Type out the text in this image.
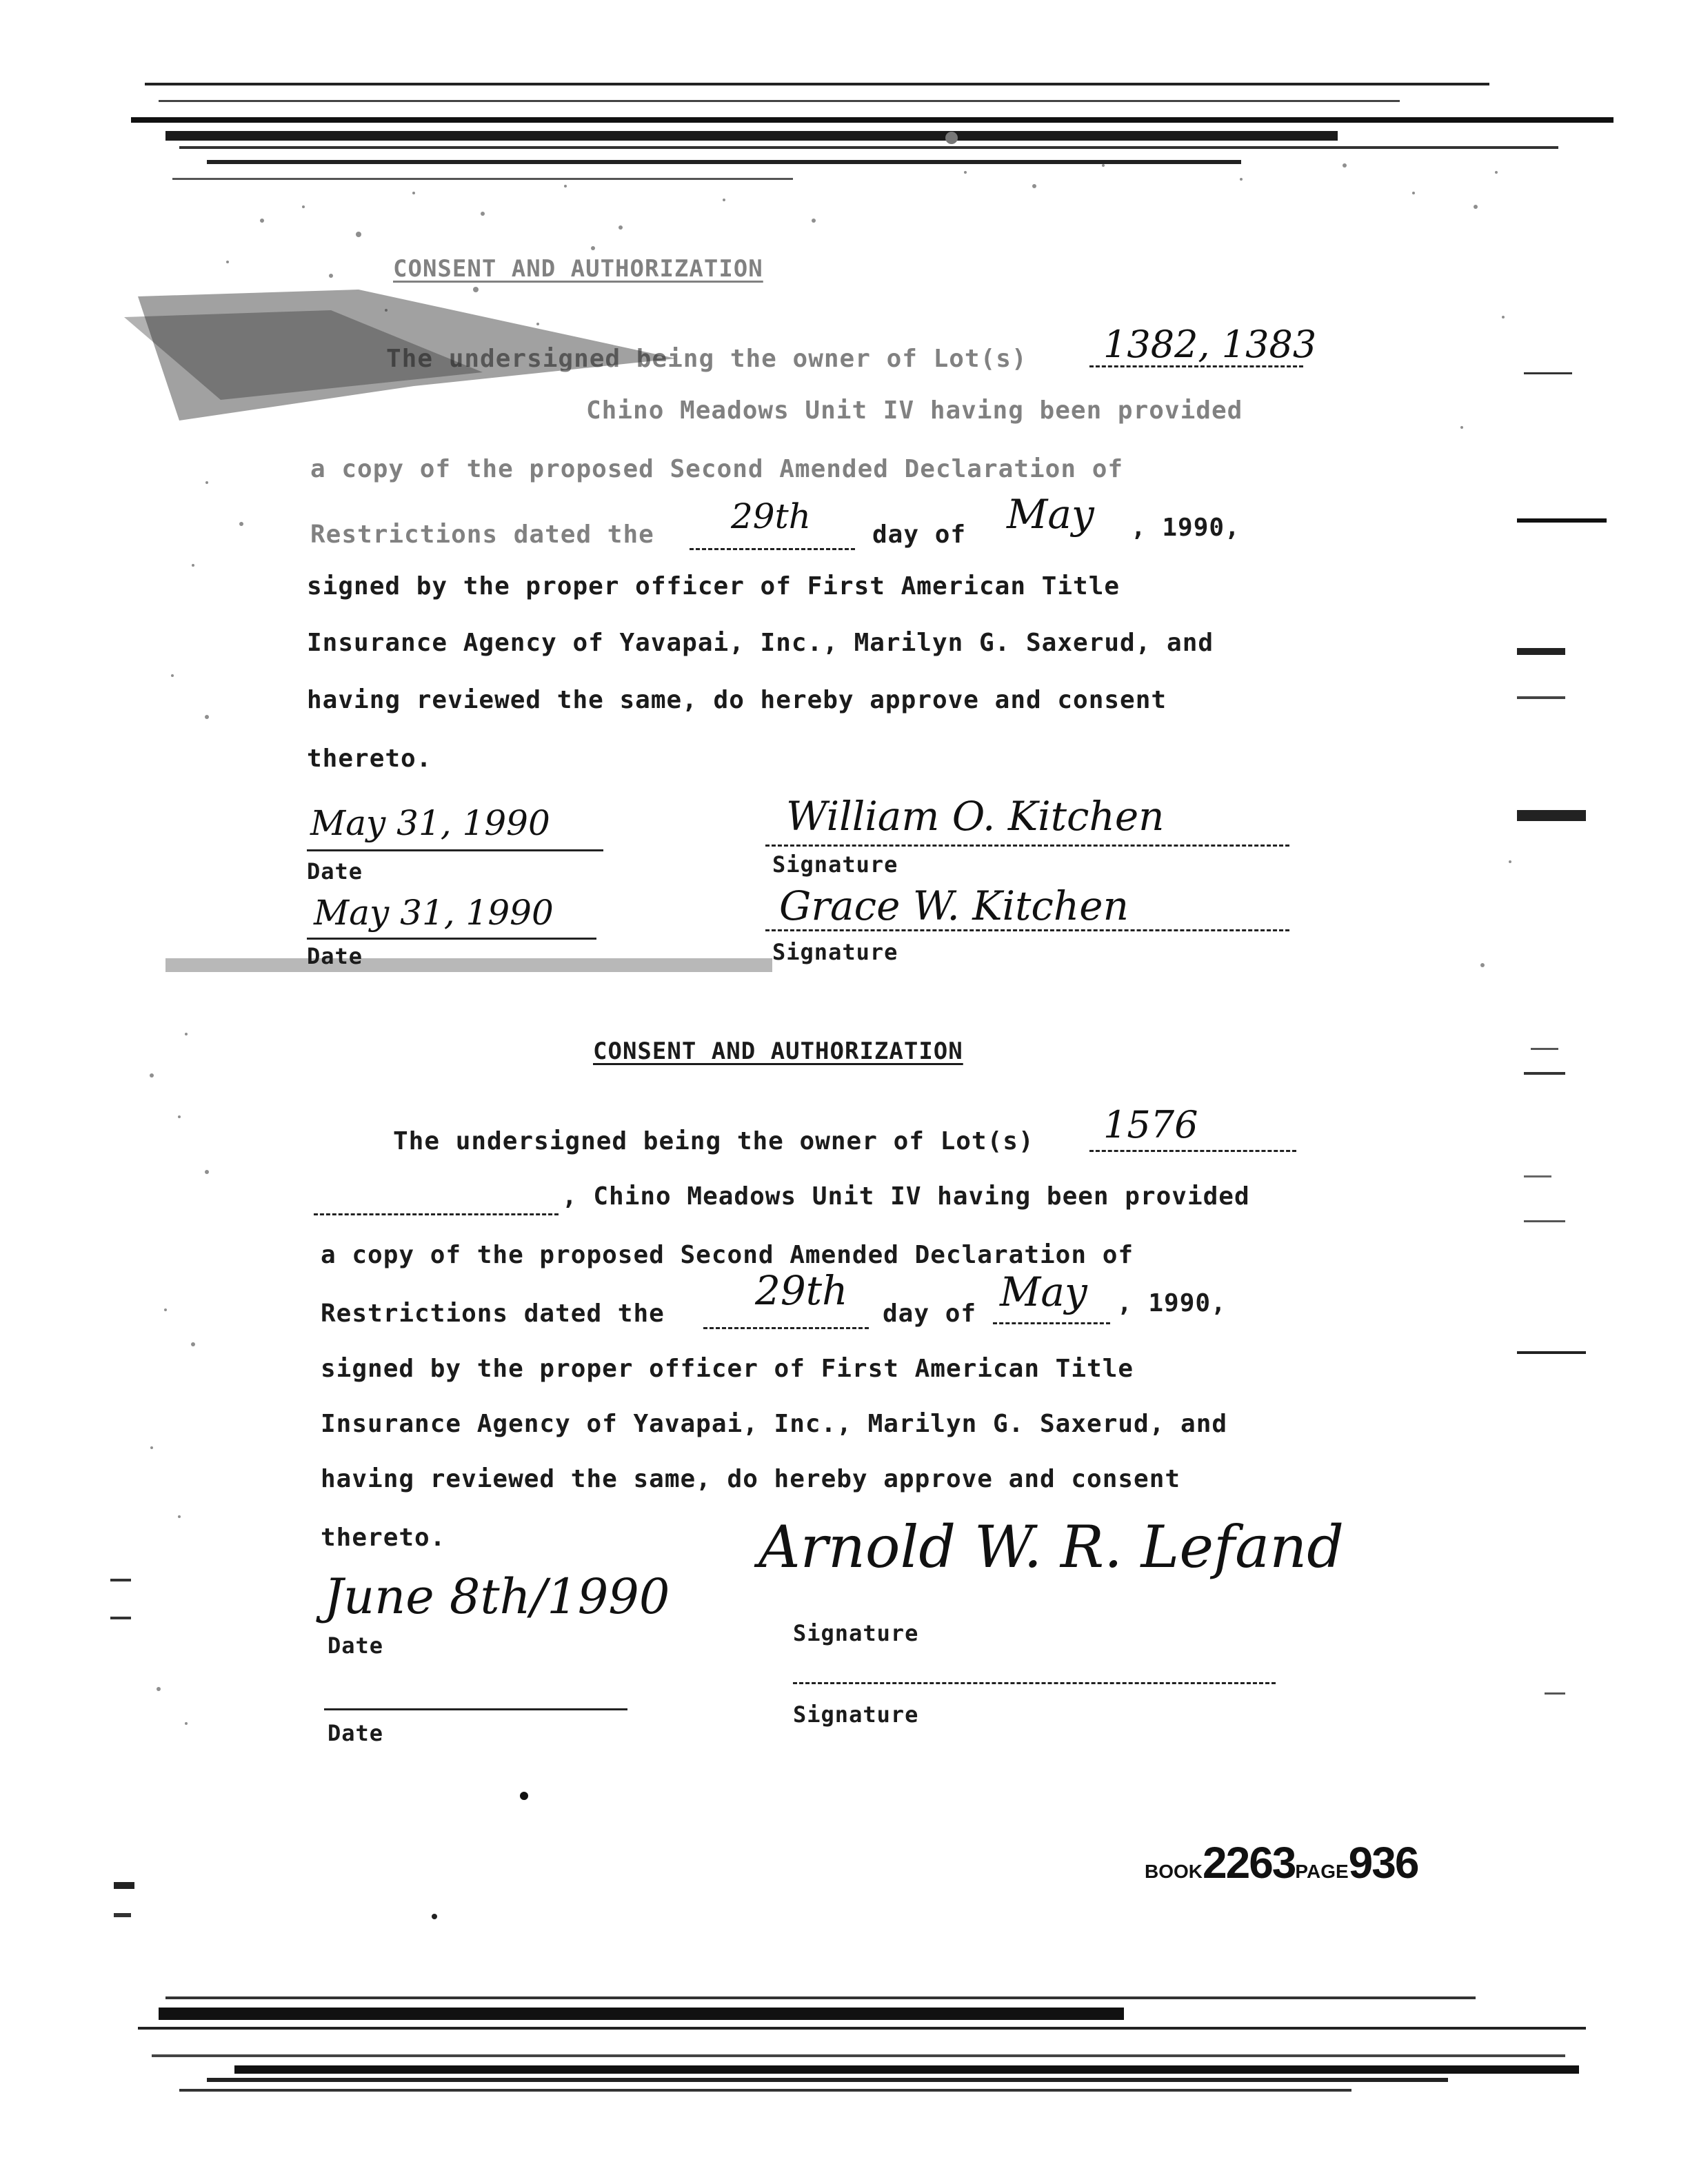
CONSENT AND AUTHORIZATION
The undersigned being the owner of Lot(s) 1382, 1383
Chino Meadows Unit IV having been provided
a copy of the proposed Second Amended Declaration of
Restrictions dated the 29th day of May , 1990,
signed by the proper officer of First American Title
Insurance Agency of Yavapai, Inc., Marilyn G. Saxerud, and
having reviewed the same, do hereby approve and consent
thereto.
May 31, 1990
Date
William O. Kitchen
Signature
May 31, 1990
Date
Grace W. Kitchen
Signature
CONSENT AND AUTHORIZATION
The undersigned being the owner of Lot(s) 1576
, Chino Meadows Unit IV having been provided
a copy of the proposed Second Amended Declaration of
Restrictions dated the 29th day of May , 1990,
signed by the proper officer of First American Title
Insurance Agency of Yavapai, Inc., Marilyn G. Saxerud, and
having reviewed the same, do hereby approve and consent
thereto.
June 8th/1990
Date
Arnold W. R. Lefand
Signature
Date
Signature
BOOK2263PAGE936
